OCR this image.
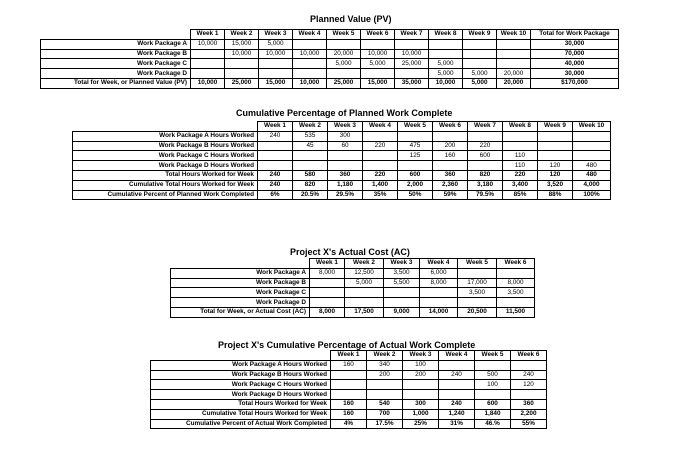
Planned Value (PV)
	Week 1	Week 2	Week 3	Week 4	Week 5	Week 6	Week 7	Week 8	Week 9	Week 10	Total for Work Package
Work Package A	10,000	15,000	5,000								30,000
Work Package B		10,000	10,000	10,000	20,000	10,000	10,000				70,000
Work Package C					5,000	5,000	25,000	5,000			40,000
Work Package D								5,000	5,000	20,000	30,000
Total for Week, or Planned Value (PV)	10,000	25,000	15,000	10,000	25,000	15,000	35,000	10,000	5,000	20,000	$170,000
Cumulative Percentage of Planned Work Complete
	Week 1	Week 2	Week 3	Week 4	Week 5	Week 6	Week 7	Week 8	Week 9	Week 10
Work Package A Hours Worked	240	535	300							
Work Package B Hours Worked		45	60	220	475	200	220			
Work Package C Hours Worked					125	160	600	110		
Work Package D Hours Worked								110	120	480
Total Hours Worked for Week	240	580	360	220	600	360	820	220	120	480
Cumulative Total Hours Worked for Week	240	820	1,180	1,400	2,000	2,360	3,180	3,400	3,520	4,000
Cumulative Percent of Planned Work Completed	6%	20.5%	29.5%	35%	50%	59%	79.5%	85%	88%	100%
Project X's Actual Cost (AC)
	Week 1	Week 2	Week 3	Week 4	Week 5	Week 6
Work Package A	8,000	12,500	3,500	6,000		
Work Package B		5,000	5,500	8,000	17,000	8,000
Work Package C					3,500	3,500
Work Package D						
Total for Week, or Actual Cost (AC)	8,000	17,500	9,000	14,000	20,500	11,500
Project X's Cumulative Percentage of Actual Work Complete
	Week 1	Week 2	Week 3	Week 4	Week 5	Week 6
Work Package A Hours Worked	160	340	100			
Work Package B Hours Worked		200	200	240	500	240
Work Package C Hours Worked					100	120
Work Package D Hours Worked						
Total Hours Worked for Week	160	540	300	240	600	360
Cumulative Total Hours Worked for Week	160	700	1,000	1,240	1,840	2,200
Cumulative Percent of Actual Work Completed	4%	17.5%	25%	31%	46.%	55%
